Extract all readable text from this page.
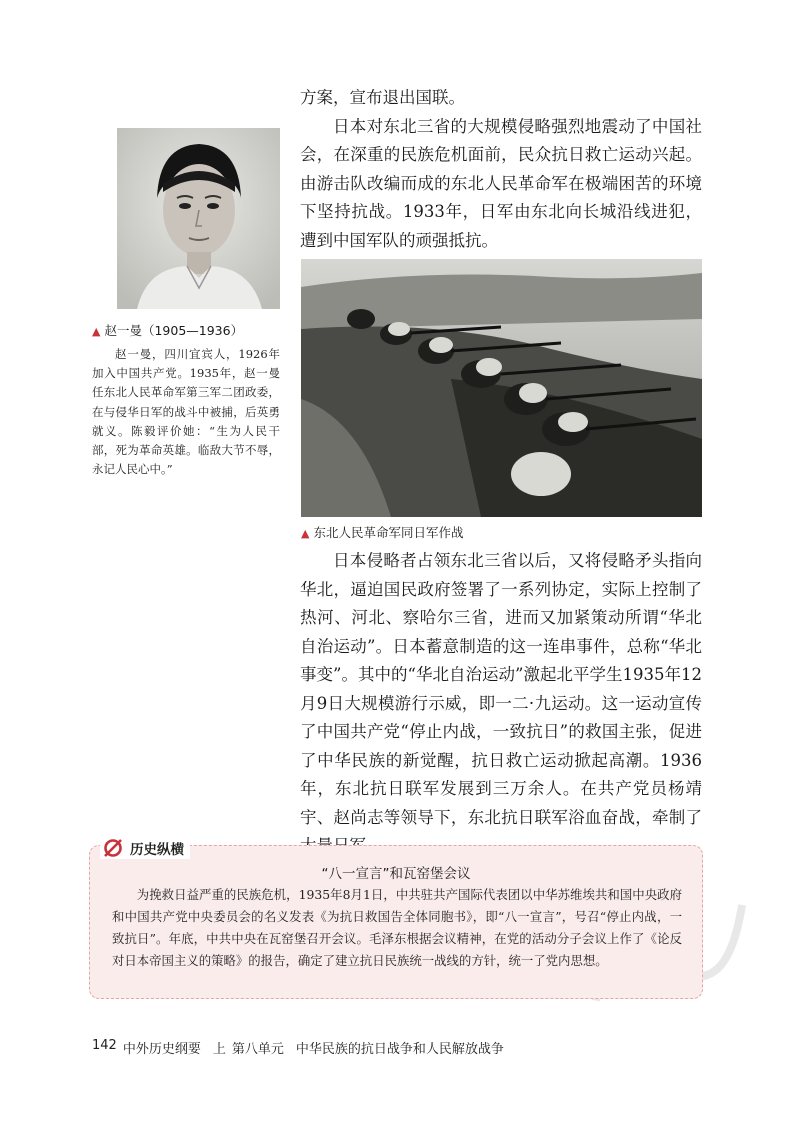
方案，宣布退出国联。

日本对东北三省的大规模侵略强烈地震动了中国社会，在深重的民族危机面前，民众抗日救亡运动兴起。由游击队改编而成的东北人民革命军在极端困苦的环境下坚持抗战。1933年，日军由东北向长城沿线进犯，遭到中国军队的顽强抵抗。

▲ 赵一曼（1905—1936）

赵一曼，四川宜宾人，1926年加入中国共产党。1935年，赵一曼任东北人民革命军第三军二团政委，在与侵华日军的战斗中被捕，后英勇就义。陈毅评价她：“生为人民干部，死为革命英雄。临敌大节不辱，永记人民心中。”

▲ 东北人民革命军同日军作战

日本侵略者占领东北三省以后，又将侵略矛头指向华北，逼迫国民政府签署了一系列协定，实际上控制了热河、河北、察哈尔三省，进而又加紧策动所谓“华北自治运动”。日本蓄意制造的这一连串事件，总称“华北事变”。其中的“华北自治运动”激起北平学生1935年12月9日大规模游行示威，即一二·九运动。这一运动宣传了中国共产党“停止内战，一致抗日”的救国主张，促进了中华民族的新觉醒，抗日救亡运动掀起高潮。1936年，东北抗日联军发展到三万余人。在共产党员杨靖宇、赵尚志等领导下，东北抗日联军浴血奋战，牵制了

历史纵横
“八一宣言”和瓦窑堡会议

为挽救日益严重的民族危机，1935年8月1日，中共驻共产国际代表团以中华苏维埃共和国中央政府和中国共产党中央委员会的名义发表《为抗日救国告全体同胞书》，即“八一宣言”，号召“停止内战，一致抗日”。年底，中共中央在瓦窑堡召开会议。毛泽东根据会议精神，在党的活动分子会议上作了《论反对日本帝国主义的策略》的报告，确定了建立抗日民族统一战线的方针，统一了党内思想。

142 中外历史纲要 上 第八单元 中华民族的抗日战争和人民解放战争
